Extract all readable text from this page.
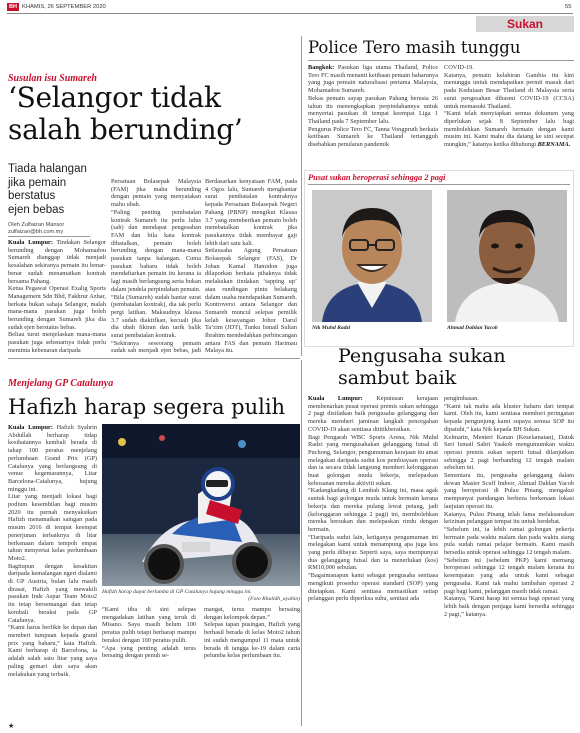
BH KHAMIS, 26 SEPTEMBER 2020	55
Sukan
Susulan isu Sumareh
‘Selangor tidak
salah berunding’
Tiada halangan
jika pemain
berstatus
ejen bebas
Oleh Zulfaizan Mansor
zulfaizan@bh.com.my
Kuala Lumpur: Tindakan Selangor berunding dengan Mohamadou Sumareh dianggap tidak menjadi kesalahan sekiranya pemain itu benar-benar sudah menamatkan kontrak bersama Pahang.
Ketua Pegawai Operasi Exalig Sports Management Sdn Bhd, Fakhrur Azhar, berkata bukan sahaja Selangor, malah mana-mana pasukan juga boleh berunding dengan Sumareh jika dia sudah ejen berstatus bebas.
Beliau turut menjelaskan mana-mana pasukan juga sebenarnya tidak perlu meminta kebenaran daripada
Persatuan Bolasepak Malaysia (FAM) jika mahu berunding dengan pemain yang menyatakan mahu ubah.
“Paling penting pembatalan kontrak Sumareh itu perlu lulus (sah) dan mendapat pengesahan FAM dan bila kata kontrak dibatalkan, pemain boleh berunding dengan mana-mana pasukan tanpa halangan. Cuma pasukan baharu tidak boleh mendaftarkan pemain itu kerana ia lagi masih berlangsung serta bukan dalam jendela perpindahan pemain.
“Bila (Sumareh) sudah hantar surat (pembatalan kontrak), dia tak perlu pergi latihan. Maksudnya klausa 3.7 sudah diaktifkan, kecuali jika dia ubah fikiran dan tarik balik surat pembatalan kontrak.
“Sekiranya seseorang pemain sudah sah menjadi ejen bebas, jadi
Berdasarkan kenyataan FAM, pada 4 Ogos lalu, Sumareh menghantar surat pembatalan kontraknya kepada Persatuan Bolasepak Negeri Pahang (PBNP) mengikut Klausa 3.7 yang memberikan pemain boleh membatalkan kontrak jika pasukannya tidak membayar gaji lebih dari satu kali.
Setiausaha Agung Persatuan Bolasepak Selangor (FAS), Dr Johan Kamal Hamidon juga dilaporkan berkata pihaknya tidak melakukan tindakan ‘tapping up’ atau rundingan pintu belakang dalam usaha mendapatkan Sumareh.
Kontroversi antara Selangor dan Sumareh muncul selepas pemilik kelab kesayangan Johor Darul Ta’zim (JDT), Tunku Ismail Sultan Ibrahim mendedahkan perbincangan antara FAS dan pemain Harimau Malaya itu.

Police Tero masih tunggu
Bangkok: Pasukan liga utama Thailand, Police Tero FC masih menanti ketibaan pemain baharunya yang juga pemain naturalisasi pertama Malaysia, Mohamadou Sumareh.
Bekas pemain sayap pasukan Pahang berusia 26 tahun itu menengkapkan perpindahannya untuk menyertai pasukan di tempat keempat Liga 1 Thailand pada 7 September lalu.
Pengurus Police Tero FC, Tanna Vongpruth berkata ketibaan Sumareh ke Thailand tertangguh disebabkan penularan pandemik
COVID-19.
Katanya, pemain kelahiran Gambia itu kini menunggu untuk mendapatkan permit masuk dari pada Kedutaan Besar Thailand di Malaysia serta surat pengesahan dibasmi COVID-19 (CCSA) untuk memasuki Thailand.
“Kami telah menyiapkan semua dokumen yang diperlukan sejak 8 September lalu bagi membolehkan Sumareh bermain dengan kami musim ini. Kami mahu dia datang ke sini secepat mungkin,” katanya ketika dihubungi BERNAMA.
Pusat sukan beroperasi sehingga 2 pagi
Nik Muhd Radzi	Ahmad Dahlan Yacob
Pengusaha sukan
sambut baik
Kuala Lumpur: Keputusan kerajaan membenarkan pusat operasi premis sukan sehingga 2 pagi disifatkan baik pengusaha gelanggang dan mereka memberi jaminan langkah pencegahan COVID-19 akan sentiasa dititikberatkan.
Bagi Pengarah WBC Sports Arena, Nik Muhd Radzi yang mengusahakan gelanggang futsal di Puchong, Selangor, pengumuman kerajaan itu amat melegakan daripada sudut kos pembiayaan operasi dan ia secara tidak langsung memberi kelonggaran buat golongan muda bekerja, melepaskan kebosanan mereka aktiviti sukan.
“Kadangkadang di Lembah Klang ini, masa agak suntuk bagi golongan muda untuk bermain kerana bekerja dan mereka pulang lewat petang, jadi (kelonggaran sehingga 2 pagi) ini, membolehkan mereka bersukan dan melepaskan rindu dengan bermain.
“Daripada sudut lain, ketiganya pengumuman ini melegakan kami untuk menampung apa juga kos yang perlu dibayar. Seperti saya, saya mempunyai dua gelanggang futsal dan ia menerlukan (kos) RM10,000 sebulan.
“Bagaimanapun kami sebagai pengusaha sentiasa mengikuti prosedur operasi standard (SOP) yang ditetapkan. Kami sentiasa memastikan setiap pelanggan perlu diperiksa suhu, senitasi ada
pengimbasan.
“Kami tak mahu ada kluster baharu dari tempat kami. Oleh itu, kami sentiasa memberi peringatan kepada pengunjung kami supaya semua SOP itu dipatuhi,” kata Nik kepada BH Sukan.
Kelmarin, Menteri Kanan (Keselamatan), Datuk Seri Ismail Sabri Yaakob mengumumkan waktu operasi premis sukan seperti futsal dilanjutkan sehingga 2 pagi berbanding 12 tengah malam sebelum ini.
Sementara itu, pengusaha gelanggang dalam dewan Master Scuff Indoor, Ahmad Dahlan Yacob yang beroperasi di Pulau Pinang, mengakui mempunyai pandangan berbeza berkenaan lokasi lanjutan operasi itu.
Katanya, Pulau Pinang telah lama melaksanakan keizinan pelanggan tempat itu untuk berdebat.
“Sebelum ini, ia lebih ramai golongan pekerja bermain pada waktu malam dan pada waktu siang pula sudah ramai pelajar bermain. Kami masih bersedia untuk operasi sehingga 12 tengah malam.
“Sebelum ini (sebelum PKP) kami memang beroperasi sehingga 12 tengah malam kerana itu kesempatan yang ada untuk kami sebagai pengusaha. Kami tak mahu tambahan operasi 2 pagi bagi kami, pelanggan masih tidak ramai.
Katanya, ‘Kami harap ini semua bagi operasi yang lebih baik dengan penjaga kami bersedia sehingga 2 pagi,” katanya.
Menjelang GP Catalunya
Hafizh harap segera pulih
Kuala Lumpur: Hafizh Syahrin Abdullah berharap tidap kesihatannya kembali berada di tahap 100 peratus menjelang perlumbaan Grand Prix (GP) Catalunya yang berlangsung di venue kegemarannya, Litar Barcelona-Catalunya, hujung minggu ini.
Litar yang menjadi lokasi bagi podium kesembilan bagi musim 2020 itu pernah menyaksikan Hafizh menamatkan saingan pada musim 2016 di tempat keempat penerjunan terbaiknya di litar berkenaan dalam tempoh empat tahun menyertai kelas perlumbaan Moto2.
Bagitupun dengan kesakitan daripada kemalangan ngeri dialami di GP Austria, bulan lalu masih dirasai, Hafizh yang mewakili pasukan Inde Aspar Team Moto2 itu tetap bersemangat dan tetap kembali beraksi pada GP Catalunya.
“Kami harus berfikir ke depan dan memberi tumpuan kepada grand prix yang baharu,” kata Hafizh. Kami berharap di Barcelona, ia adalah salah satu litar yang saya paling gemari dan saya akan melakukan yang terbaik.
Hafizh harap dapat berlumba di GP Catalunya hujung minggu ini.
(Foto Khalidh_ayahin)
“Kami tiba di sini selepas mengadakan latihan yang teruk di Misano. Saya masih belum 100 peratus pulih tetapi berharap mampu beraksi dengan 100 peratus pulih.
“Apa yang penting adalah terus bersaing dengan penuh se-
mangat, terus mampu bersaing dengan kelompok depan.”
Selepas tapan pusingan, Hafizh yang berhasil berada di kelas Moto2 tahun ini sudah mengumpul 11 mata untuk berada di tangga ke-19 dalam carta pelumba kelas perlumbaan itu.
★
